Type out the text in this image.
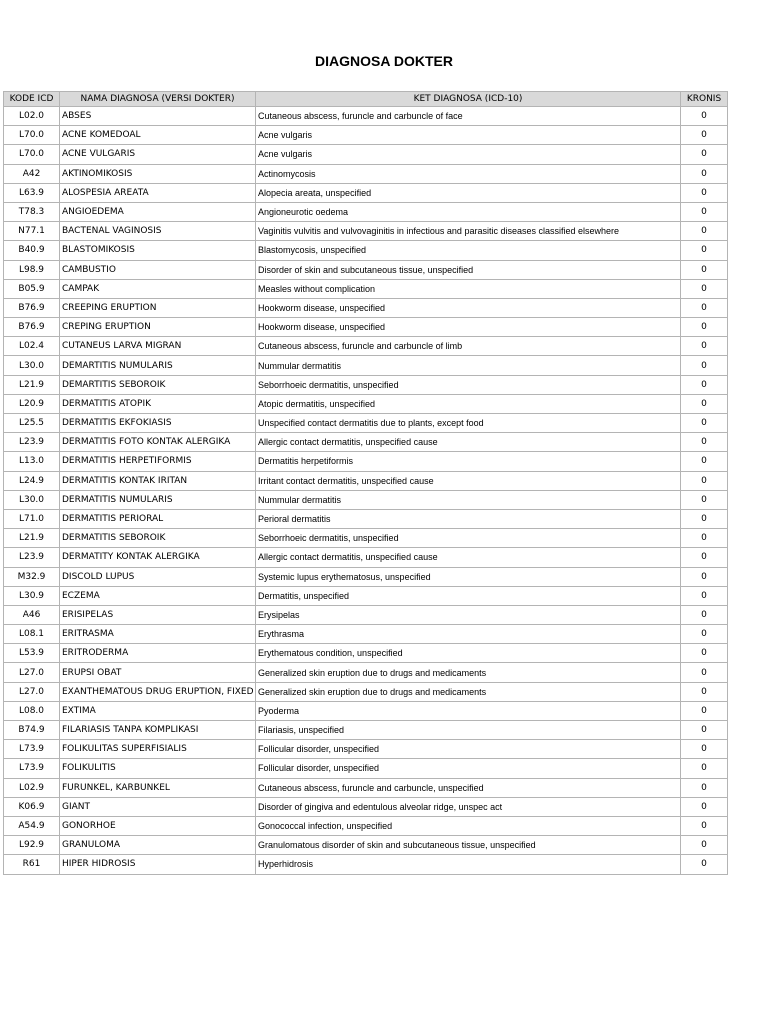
DIAGNOSA DOKTER
KODE ICD	NAMA DIAGNOSA (VERSI DOKTER)	KET DIAGNOSA (ICD-10)	KRONIS
L02.0	ABSES	Cutaneous abscess, furuncle and carbuncle of face	0
L70.0	ACNE KOMEDOAL	Acne vulgaris	0
L70.0	ACNE VULGARIS	Acne vulgaris	0
A42	AKTINOMIKOSIS	Actinomycosis	0
L63.9	ALOSPESIA AREATA	Alopecia areata, unspecified	0
T78.3	ANGIOEDEMA	Angioneurotic oedema	0
N77.1	BACTENAL VAGINOSIS	Vaginitis vulvitis and vulvovaginitis in infectious and parasitic diseases classified elsewhere	0
B40.9	BLASTOMIKOSIS	Blastomycosis, unspecified	0
L98.9	CAMBUSTIO	Disorder of skin and subcutaneous tissue, unspecified	0
B05.9	CAMPAK	Measles without complication	0
B76.9	CREEPING ERUPTION	Hookworm disease, unspecified	0
B76.9	CREPING ERUPTION	Hookworm disease, unspecified	0
L02.4	CUTANEUS LARVA MIGRAN	Cutaneous abscess, furuncle and carbuncle of limb	0
L30.0	DEMARTITIS NUMULARIS	Nummular dermatitis	0
L21.9	DEMARTITIS SEBOROIK	Seborrhoeic dermatitis, unspecified	0
L20.9	DERMATITIS ATOPIK	Atopic dermatitis, unspecified	0
L25.5	DERMATITIS EKFOKIASIS	Unspecified contact dermatitis due to plants, except food	0
L23.9	DERMATITIS FOTO KONTAK ALERGIKA	Allergic contact dermatitis, unspecified cause	0
L13.0	DERMATITIS HERPETIFORMIS	Dermatitis herpetiformis	0
L24.9	DERMATITIS KONTAK IRITAN	Irritant contact dermatitis, unspecified cause	0
L30.0	DERMATITIS NUMULARIS	Nummular dermatitis	0
L71.0	DERMATITIS PERIORAL	Perioral dermatitis	0
L21.9	DERMATITIS SEBOROIK	Seborrhoeic dermatitis, unspecified	0
L23.9	DERMATITY KONTAK ALERGIKA	Allergic contact dermatitis, unspecified cause	0
M32.9	DISCOLD LUPUS	Systemic lupus erythematosus, unspecified	0
L30.9	ECZEMA	Dermatitis, unspecified	0
A46	ERISIPELAS	Erysipelas	0
L08.1	ERITRASMA	Erythrasma	0
L53.9	ERITRODERMA	Erythematous condition, unspecified	0
L27.0	ERUPSI OBAT	Generalized skin eruption due to drugs and medicaments	0
L27.0	EXANTHEMATOUS DRUG ERUPTION, FIXED	Generalized skin eruption due to drugs and medicaments	0
L08.0	EXTIMA	Pyoderma	0
B74.9	FILARIASIS TANPA KOMPLIKASI	Filariasis, unspecified	0
L73.9	FOLIKULITAS SUPERFISIALIS	Follicular disorder, unspecified	0
L73.9	FOLIKULITIS	Follicular disorder, unspecified	0
L02.9	FURUNKEL, KARBUNKEL	Cutaneous abscess, furuncle and carbuncle, unspecified	0
K06.9	GIANT	Disorder of gingiva and edentulous alveolar ridge, unspec act	0
A54.9	GONORHOE	Gonococcal infection, unspecified	0
L92.9	GRANULOMA	Granulomatous disorder of skin and subcutaneous tissue, unspecified	0
R61	HIPER HIDROSIS	Hyperhidrosis	0
